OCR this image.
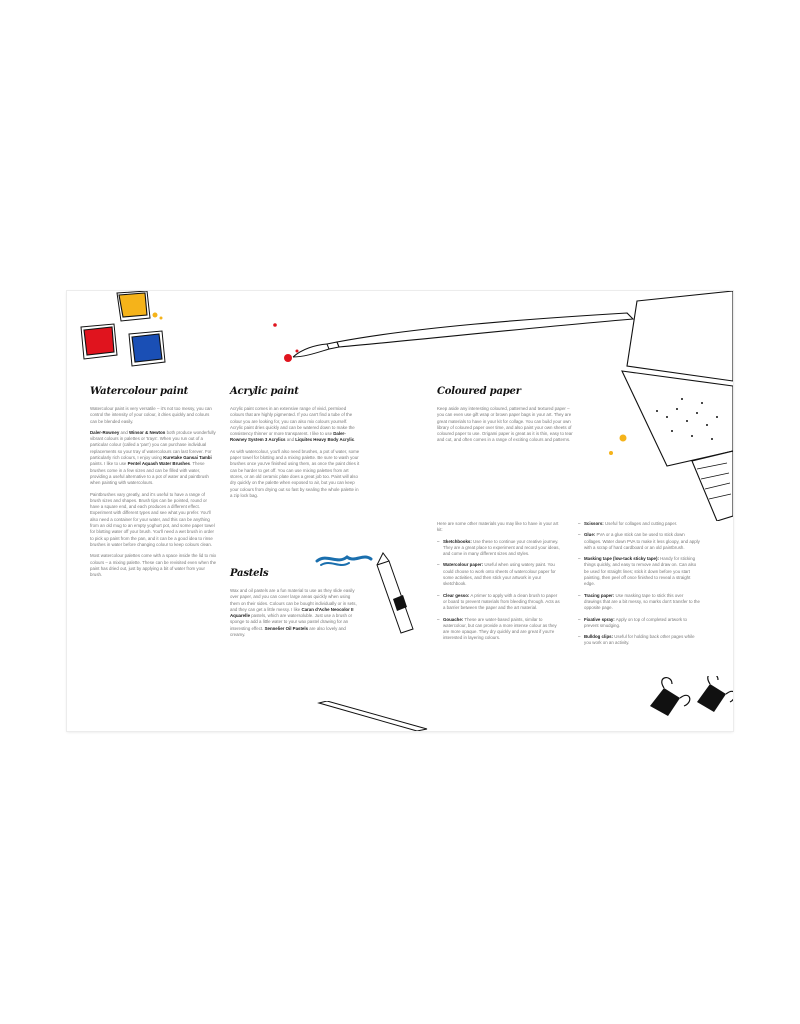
Watercolour paint

Watercolour paint is very versatile – it's not too messy, you can control the intensity of your colour, it dries quickly and colours can be blended easily.

Daler-Rowney and Winsor & Newton both produce wonderfully vibrant colours in palettes or 'trays'. When you run out of a particular colour (called a 'pan') you can purchase individual replacements so your tray of watercolours can last forever. For particularly rich colours, I enjoy using Kuretake Gansai Tambi paints. I like to use Pentel Aquash Water Brushes. These brushes come in a few sizes and can be filled with water, providing a useful alternative to a pot of water and paintbrush when painting with watercolours.

Paintbrushes vary greatly, and it's useful to have a range of brush sizes and shapes. Brush tips can be pointed, round or have a square end, and each produces a different effect. Experiment with different types and see what you prefer. You'll also need a container for your water, and this can be anything from an old mug to an empty yoghurt pot, and some paper towel for blotting water off your brush. You'll need a wet brush in order to pick up paint from the pan, and it can be a good idea to rinse brushes in water before changing colour to keep colours clean.

Most watercolour palettes come with a space inside the lid to mix colours – a mixing palette. These can be revisited even when the paint has dried out, just by applying a bit of water from your brush.

Acrylic paint

Acrylic paint comes in an extensive range of vivid, permixed colours that are highly pigmented. If you can't find a tube of the colour you are looking for, you can also mix colours yourself. Acrylic paint dries quickly and can be watered down to make the consistency thinner or more transparent. I like to use Daler-Rowney System 3 Acrylics and Liquitex Heavy Body Acrylic.

As with watercolour, you'll also need brushes, a pot of water, some paper towel for blotting and a mixing palette. Be sure to wash your brushes once you've finished using them, as once the paint dries it can be harder to get off. You can use mixing palettes from art stores, or an old ceramic plate does a great job too. Paint will also dry quickly on the palette when exposed to air, but you can keep your colours from drying out so fast by sealing the whole palette in a zip lock bag.

Pastels

Wax and oil pastels are a fun material to use as they slide easily over paper, and you can cover large areas quickly when using them on their sides. Colours can be bought individually or in sets, and they can get a little messy. I like Caran d'Ache Neocolor II Aquarelle pastels, which are watersoluble. Just use a brush or sponge to add a little water to your wax pastel drawing for an interesting effect. Sennelier Oil Pastels are also lovely and creamy.

Coloured paper

Keep aside any interesting coloured, patterned and textured paper – you can even use gift wrap or brown paper bags in your art. They are great materials to have in your kit for collage. You can build your own library of coloured paper over time, and also paint your own sheets of coloured paper to use. Origami paper is great as it is thin, easy to tear and cut, and often comes in a range of exciting colours and patterns.

Here are some other materials you may like to have in your art kit:

– Sketchbooks: Use these to continue your creative journey. They are a great place to experiment and record your ideas, and come in many different sizes and styles.
– Watercolour paper: Useful when using watery paint. You could choose to work onto sheets of watercolour paper for some activities, and then stick your artwork in your sketchbook.
– Clear gesso: A primer to apply with a clean brush to paper or board to prevent materials from bleeding through. Acts as a barrier between the paper and the art material.
– Gouache: These are water-based paints, similar to watercolour, but can provide a more intense colour as they are more opaque. They dry quickly and are great if you're interested in layering colours.
– Scissors: Useful for collages and cutting paper.
– Glue: PVA or a glue stick can be used to stick down collages. Water down PVA to make it less gloopy, and apply with a scrap of hard cardboard or an old paintbrush.
– Masking tape (low-tack sticky tape): Handy for sticking things quickly, and easy to remove and draw on. Can also be used for straight lines; stick it down before you start painting, then peel off once finished to reveal a straight edge.
– Tracing paper: Use masking tape to stick this over drawings that are a bit messy, so marks don't transfer to the opposite page.
– Fixative spray: Apply on top of completed artwork to prevent smudging.
– Bulldog clips: Useful for holding back other pages while you work on an activity.
